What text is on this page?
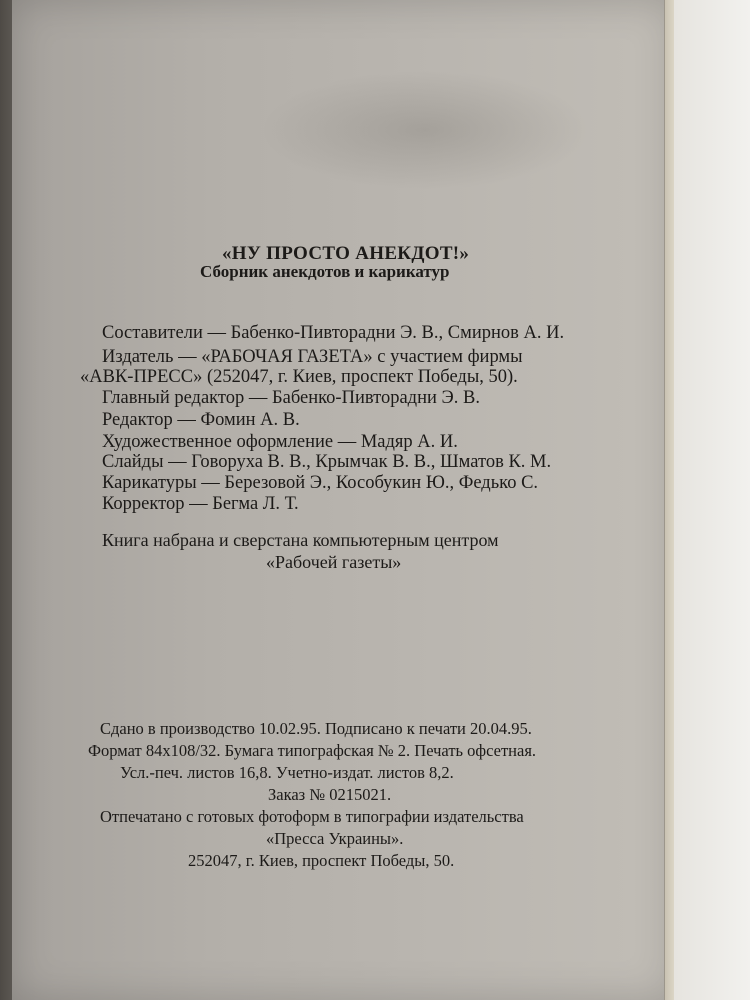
«НУ ПРОСТО АНЕКДОТ!»
Сборник анекдотов и карикатур
Составители — Бабенко-Пивторадни Э. В., Смирнов А. И.
Издатель — «РАБОЧАЯ ГАЗЕТА» с участием фирмы
«АВК-ПРЕСС» (252047, г. Киев, проспект Победы, 50).
Главный редактор — Бабенко-Пивторадни Э. В.
Редактор — Фомин А. В.
Художественное оформление — Мадяр А. И.
Слайды — Говоруха В. В., Крымчак В. В., Шматов К. М.
Карикатуры — Березовой Э., Кособукин Ю., Федько С.
Корректор — Бегма Л. Т.
Книга набрана и сверстана компьютерным центром
«Рабочей газеты»
Сдано в производство 10.02.95. Подписано к печати 20.04.95.
Формат 84х108/32. Бумага типографская № 2. Печать офсетная.
Усл.-печ. листов 16,8. Учетно-издат. листов 8,2.
Заказ № 0215021.
Отпечатано с готовых фотоформ в типографии издательства
«Пресса Украины».
252047, г. Киев, проспект Победы, 50.
